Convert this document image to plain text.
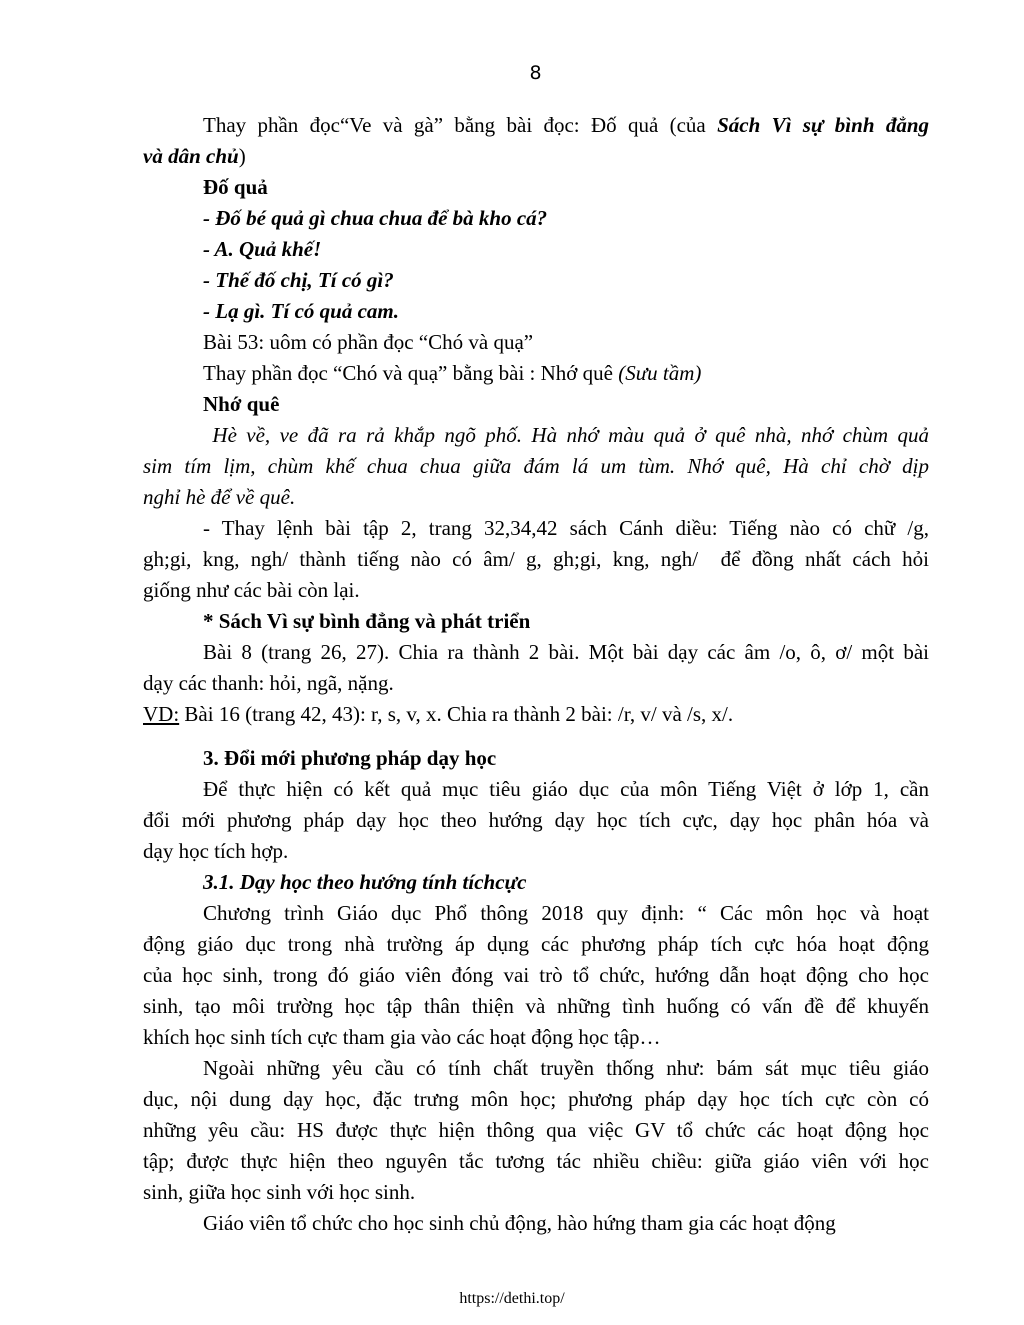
8
Thay phần đọc“Ve và gà” bằng bài đọc: Đố quả (của Sách Vì sự bình đẳng
và dân chủ)
Đố quả
- Đố bé quả gì chua chua để bà kho cá?
- A. Quả khế!
- Thế đố chị, Tí có gì?
- Lạ gì. Tí có quả cam.
Bài 53: uôm có phần đọc “Chó và quạ”
Thay phần đọc “Chó và quạ” bằng bài : Nhớ quê (Sưu tầm)
Nhớ quê
Hè về, ve đã ra rả khắp ngõ phố. Hà nhớ màu quả ở quê nhà, nhớ chùm quả
sim tím lịm, chùm khế chua chua giữa đám lá um tùm. Nhớ quê, Hà chỉ chờ dịp
nghỉ hè để về quê.
- Thay lệnh bài tập 2, trang 32,34,42 sách Cánh diều: Tiếng nào có chữ /g,
gh;gi, kng, ngh/ thành tiếng nào có âm/ g, gh;gi, kng, ngh/  để đồng nhất cách hỏi
giống như các bài còn lại.
* Sách Vì sự bình đẳng và phát triển
Bài 8 (trang 26, 27). Chia ra thành 2 bài. Một bài dạy các âm /o, ô, ơ/ một bài
dạy các thanh: hỏi, ngã, nặng.
VD: Bài 16 (trang 42, 43): r, s, v, x. Chia ra thành 2 bài: /r, v/ và /s, x/.
3. Đổi mới phương pháp dạy học
Để thực hiện có kết quả mục tiêu giáo dục của môn Tiếng Việt ở lớp 1, cần
đổi mới phương pháp dạy học theo hướng dạy học tích cực, dạy học phân hóa và
dạy học tích hợp.
3.1. Dạy học theo hướng tính tíchcực
Chương trình Giáo dục Phổ thông 2018 quy định: “ Các môn học và hoạt
động giáo dục trong nhà trường áp dụng các phương pháp tích cực hóa hoạt động
của học sinh, trong đó giáo viên đóng vai trò tổ chức, hướng dẫn hoạt động cho học
sinh, tạo môi trường học tập thân thiện và những tình huống có vấn đề để khuyến
khích học sinh tích cực tham gia vào các hoạt động học tập…
Ngoài những yêu cầu có tính chất truyền thống như: bám sát mục tiêu giáo
dục, nội dung dạy học, đặc trưng môn học; phương pháp dạy học tích cực còn có
những yêu cầu: HS được thực hiện thông qua việc GV tổ chức các hoạt động học
tập; được thực hiện theo nguyên tắc tương tác nhiều chiều: giữa giáo viên với học
sinh, giữa học sinh với học sinh.
Giáo viên tổ chức cho học sinh chủ động, hào hứng tham gia các hoạt động
https://dethi.top/
